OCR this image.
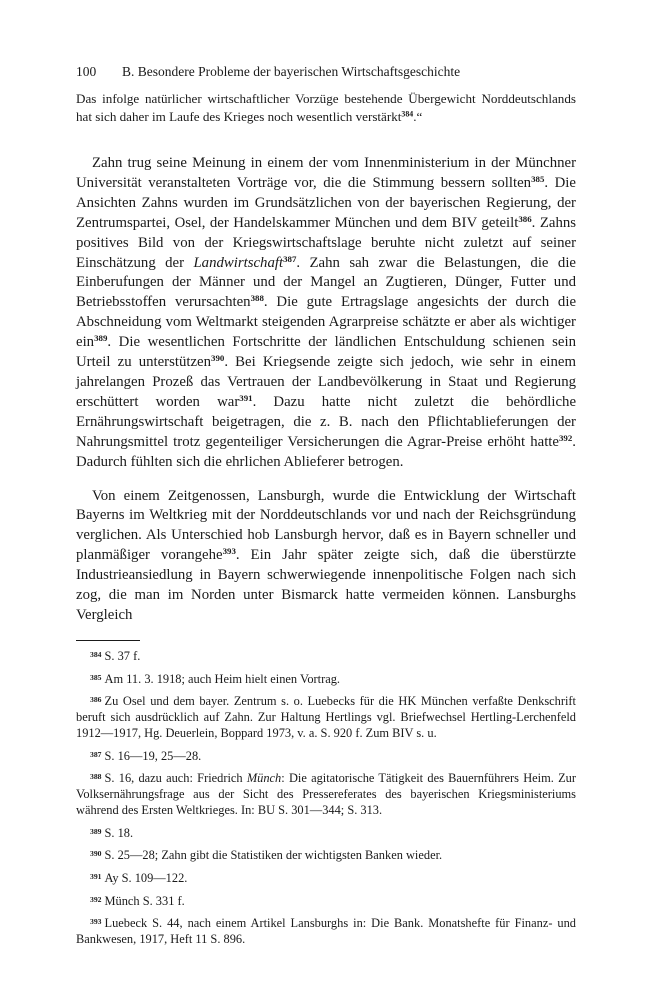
100 B. Besondere Probleme der bayerischen Wirtschaftsgeschichte
Das infolge natürlicher wirtschaftlicher Vorzüge bestehende Übergewicht Norddeutschlands hat sich daher im Laufe des Krieges noch wesentlich verstärkt$^{384}$.“

Zahn trug seine Meinung in einem der vom Innenministerium in der Münchner Universität veranstalteten Vorträge vor, die die Stimmung bessern sollten$^{385}$. Die Ansichten Zahns wurden im Grundsätzlichen von der bayerischen Regierung, der Zentrumspartei, Osel, der Handelskammer München und dem BIV geteilt$^{386}$. Zahns positives Bild von der Kriegswirtschaftslage beruhte nicht zuletzt auf seiner Einschätzung der Landwirtschaft$^{387}$. Zahn sah zwar die Belastungen, die die Einberufungen der Männer und der Mangel an Zugtieren, Dünger, Futter und Betriebsstoffen verursachten$^{388}$. Die gute Ertragslage angesichts der durch die Abschneidung vom Weltmarkt steigenden Agrarpreise schätzte er aber als wichtiger ein$^{389}$. Die wesentlichen Fortschritte der ländlichen Entschuldung schienen sein Urteil zu unterstützen$^{390}$. Bei Kriegsende zeigte sich jedoch, wie sehr in einem jahrelangen Prozeß das Vertrauen der Landbevölkerung in Staat und Regierung erschüttert worden war$^{391}$. Dazu hatte nicht zuletzt die behördliche Ernährungswirtschaft beigetragen, die z. B. nach den Pflichtablieferungen der Nahrungsmittel trotz gegenteiliger Versicherungen die Agrar-Preise erhöht hatte$^{392}$. Dadurch fühlten sich die ehrlichen Ablieferer betrogen.

Von einem Zeitgenossen, Lansburgh, wurde die Entwicklung der Wirtschaft Bayerns im Weltkrieg mit der Norddeutschlands vor und nach der Reichsgründung verglichen. Als Unterschied hob Lansburgh hervor, daß es in Bayern schneller und planmäßiger vorangehe$^{393}$. Ein Jahr später zeigte sich, daß die überstürzte Industrieansiedlung in Bayern schwerwiegende innenpolitische Folgen nach sich zog, die man im Norden unter Bismarck hatte vermeiden können. Lansburghs Vergleich

$^{384}$ S. 37 f.
$^{385}$ Am 11. 3. 1918; auch Heim hielt einen Vortrag.
$^{386}$ Zu Osel und dem bayer. Zentrum s. o. Luebecks für die HK München verfaßte Denkschrift beruft sich ausdrücklich auf Zahn. Zur Haltung Hertlings vgl. Briefwechsel Hertling-Lerchenfeld 1912—1917, Hg. Deuerlein, Boppard 1973, v. a. S. 920 f. Zum BIV s. u.
$^{387}$ S. 16—19, 25—28.
$^{388}$ S. 16, dazu auch: Friedrich Münch: Die agitatorische Tätigkeit des Bauernführers Heim. Zur Volksernährungsfrage aus der Sicht des Pressereferates des bayerischen Kriegsministeriums während des Ersten Weltkrieges. In: BU S. 301—344; S. 313.
$^{389}$ S. 18.
$^{390}$ S. 25—28; Zahn gibt die Statistiken der wichtigsten Banken wieder.
$^{391}$ Ay S. 109—122.
$^{392}$ Münch S. 331 f.
$^{393}$ Luebeck S. 44, nach einem Artikel Lansburghs in: Die Bank. Monatshefte für Finanz- und Bankwesen, 1917, Heft 11 S. 896.
